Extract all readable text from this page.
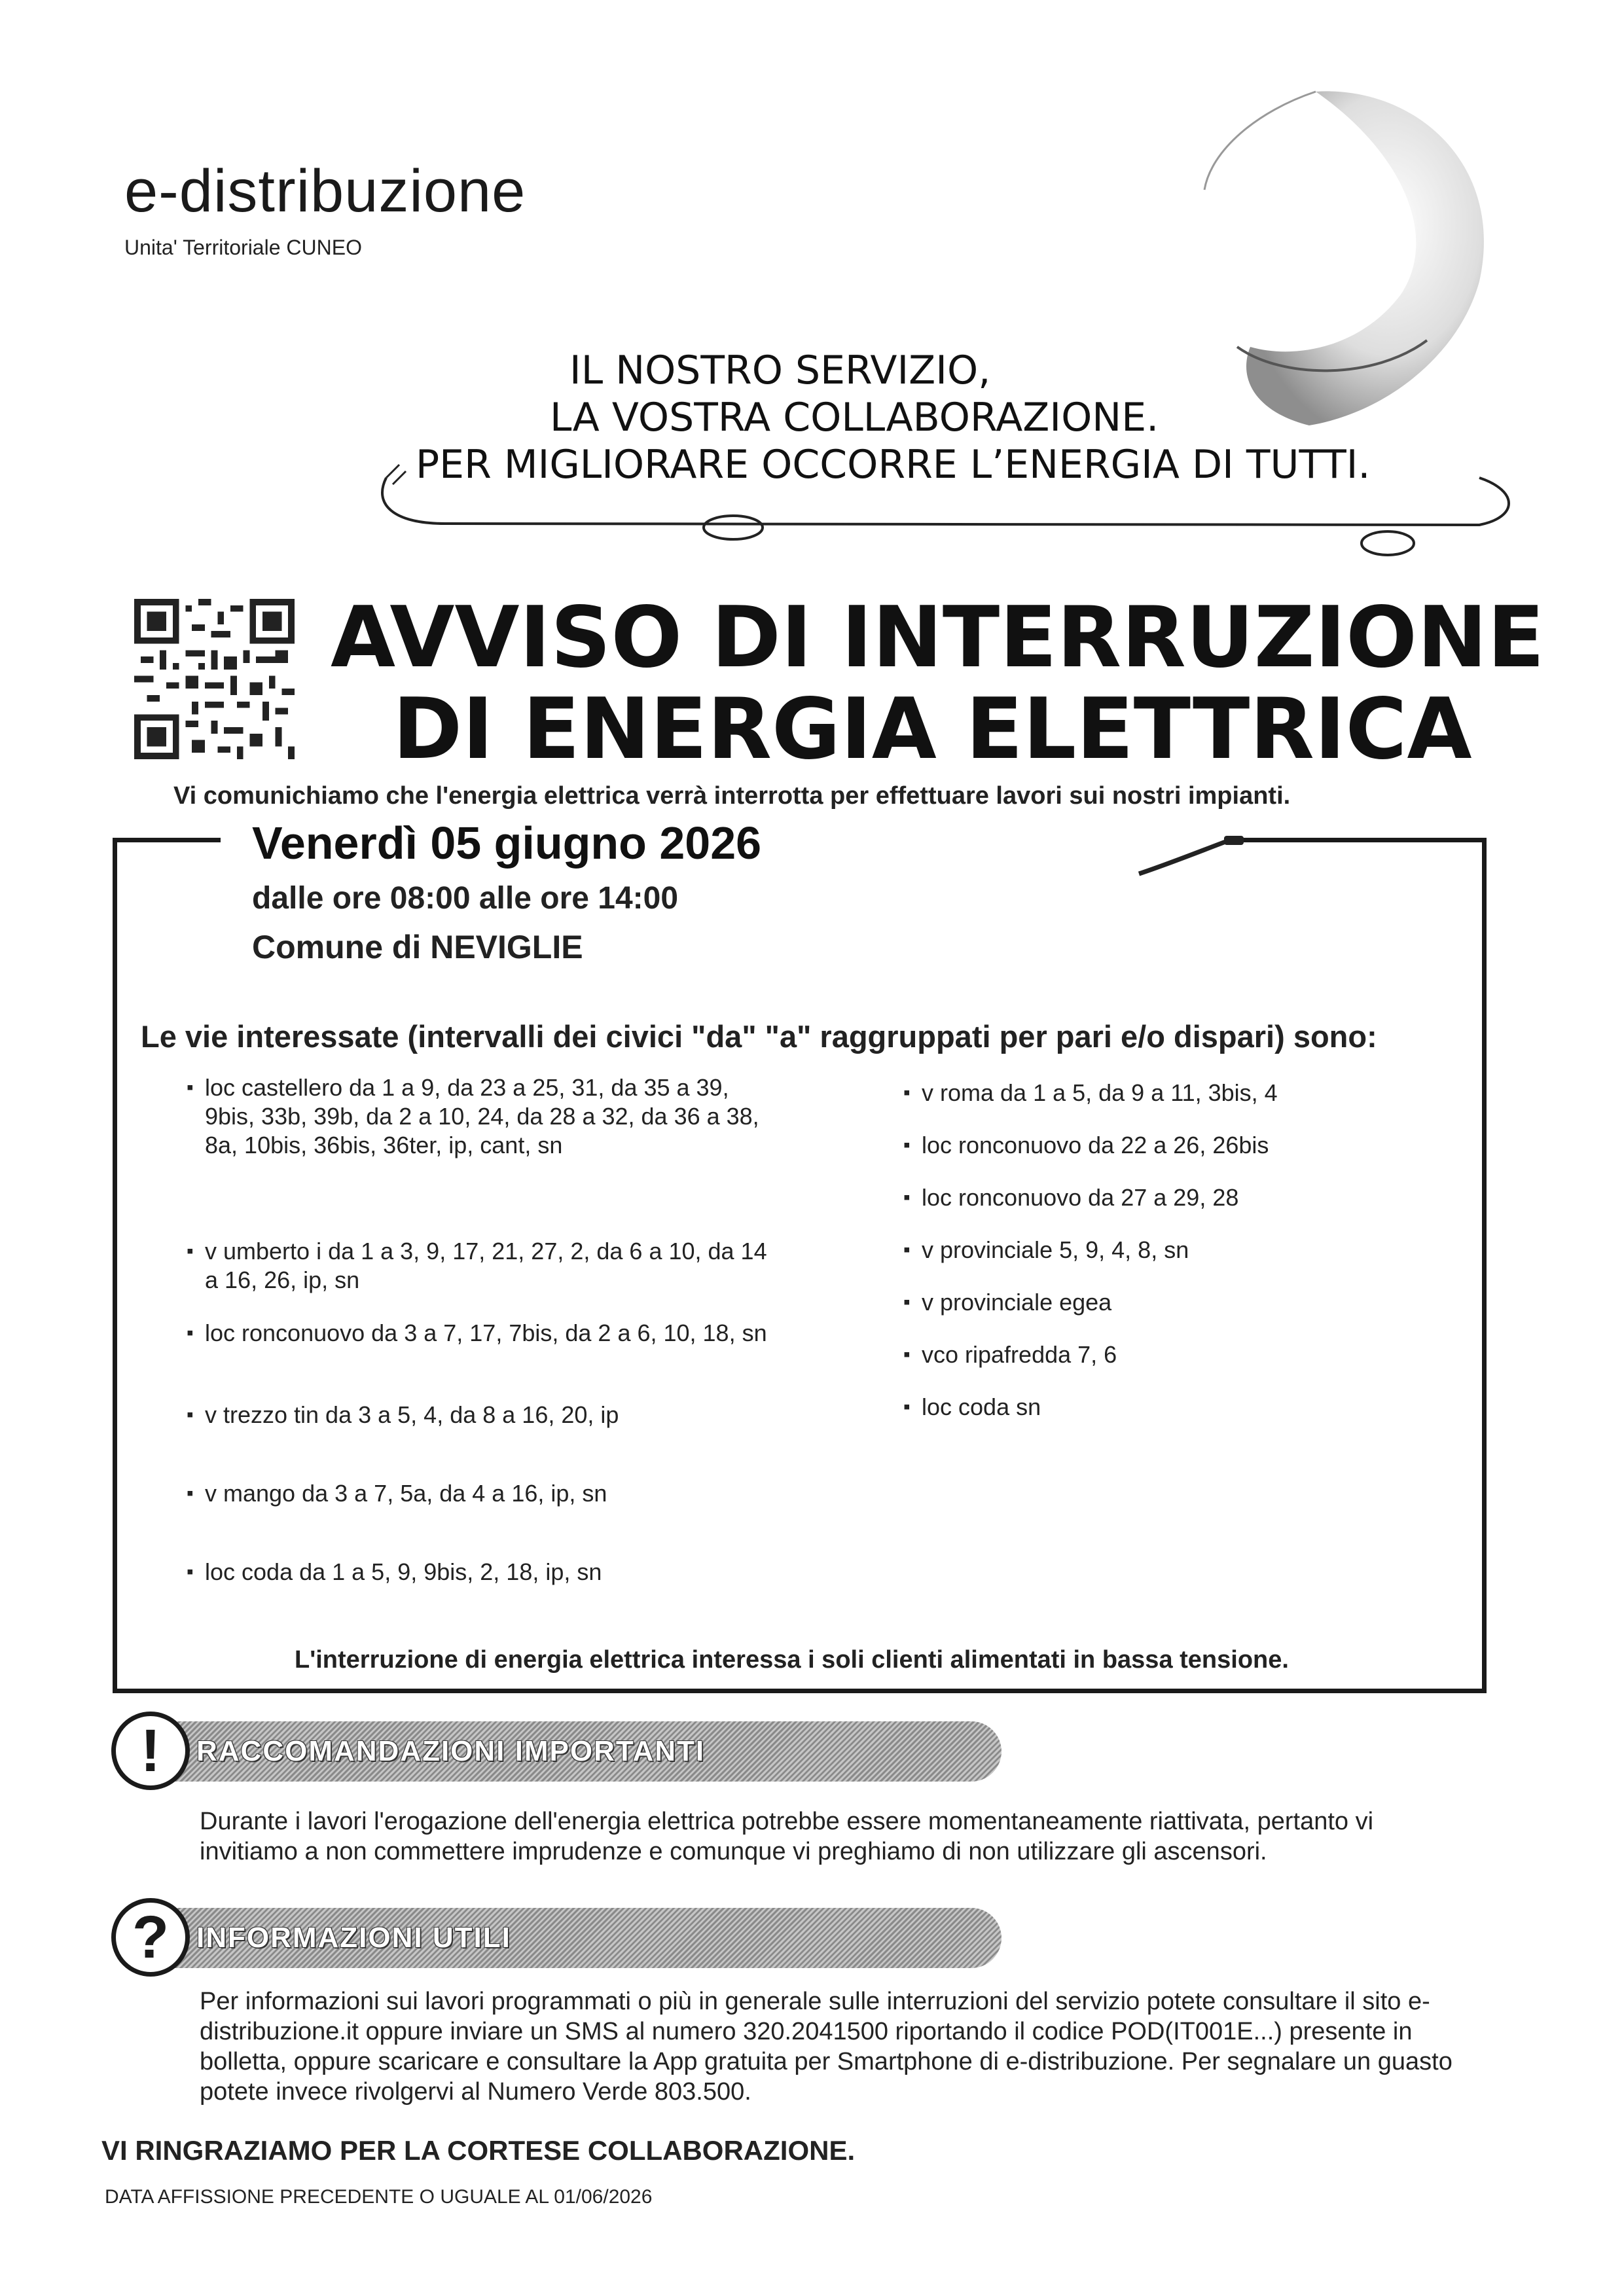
e-distribuzione
Unita' Territoriale CUNEO
IL NOSTRO SERVIZIO,
LA VOSTRA COLLABORAZIONE.
PER MIGLIORARE OCCORRE L’ENERGIA DI TUTTI.
AVVISO DI INTERRUZIONE
DI ENERGIA ELETTRICA
Vi comunichiamo che l'energia elettrica verrà interrotta per effettuare lavori sui nostri impianti.
Venerdì 05 giugno 2026
dalle ore 08:00 alle ore 14:00
Comune di NEVIGLIE
Le vie interessate (intervalli dei civici "da" "a" raggruppati per pari e/o dispari) sono:
▪ loc castellero da 1 a 9, da 23 a 25, 31, da 35 a 39, 9bis, 33b, 39b, da 2 a 10, 24, da 28 a 32, da 36 a 38, 8a, 10bis, 36bis, 36ter, ip, cant, sn
▪ v umberto i da 1 a 3, 9, 17, 21, 27, 2, da 6 a 10, da 14 a 16, 26, ip, sn
▪ loc ronconuovo da 3 a 7, 17, 7bis, da 2 a 6, 10, 18, sn
▪ v trezzo tin da 3 a 5, 4, da 8 a 16, 20, ip
▪ v mango da 3 a 7, 5a, da 4 a 16, ip, sn
▪ loc coda da 1 a 5, 9, 9bis, 2, 18, ip, sn
▪ v roma da 1 a 5, da 9 a 11, 3bis, 4
▪ loc ronconuovo da 22 a 26, 26bis
▪ loc ronconuovo da 27 a 29, 28
▪ v provinciale 5, 9, 4, 8, sn
▪ v provinciale egea
▪ vco ripafredda 7, 6
▪ loc coda sn
L'interruzione di energia elettrica interessa i soli clienti alimentati in bassa tensione.
RACCOMANDAZIONI IMPORTANTI
!
Durante i lavori l'erogazione dell'energia elettrica potrebbe essere momentaneamente riattivata, pertanto vi invitiamo a non commettere imprudenze e comunque vi preghiamo di non utilizzare gli ascensori.
INFORMAZIONI UTILI
?
Per informazioni sui lavori programmati o più in generale sulle interruzioni del servizio potete consultare il sito e-distribuzione.it oppure inviare un SMS al numero 320.2041500 riportando il codice POD(IT001E...) presente in bolletta, oppure scaricare e consultare la App gratuita per Smartphone di e-distribuzione. Per segnalare un guasto potete invece rivolgervi al Numero Verde 803.500.
VI RINGRAZIAMO PER LA CORTESE COLLABORAZIONE.
DATA AFFISSIONE PRECEDENTE O UGUALE AL 01/06/2026
